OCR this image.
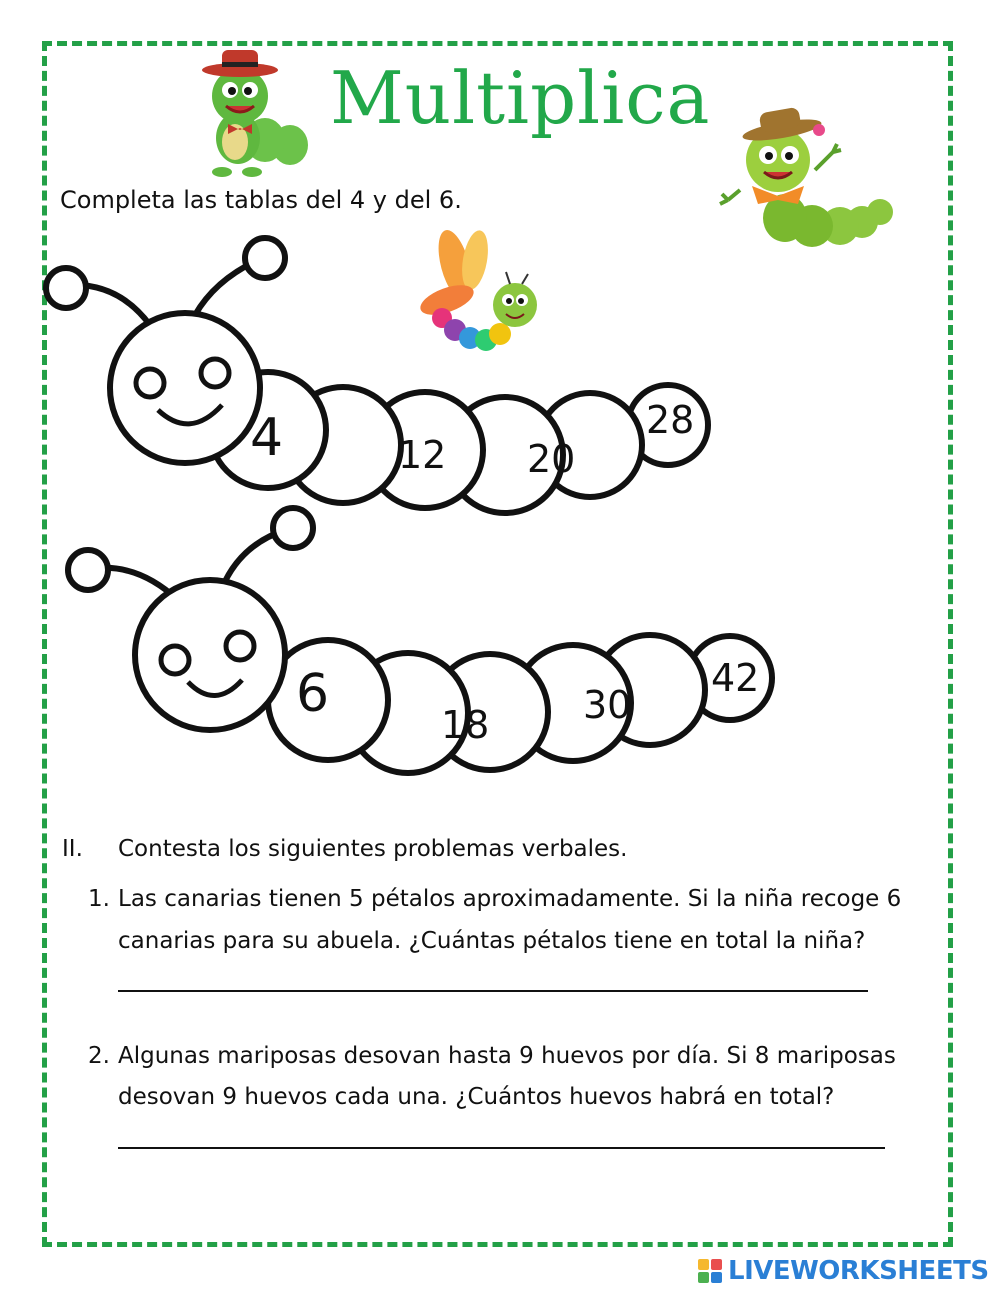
Multiplica
Completa las tablas del 4 y del 6.
4	12 20
28
6
18 30
42
II. Contesta los siguientes problemas verbales.
1. Las canarias tienen 5 pétalos aproximadamente. Si la niña recoge 6
canarias para su abuela. ¿Cuántas pétalos tiene en total la niña?
2. Algunas mariposas desovan hasta 9 huevos por día. Si 8 mariposas
desovan 9 huevos cada una. ¿Cuántos huevos habrá en total?
LIVEWORKSHEETS
